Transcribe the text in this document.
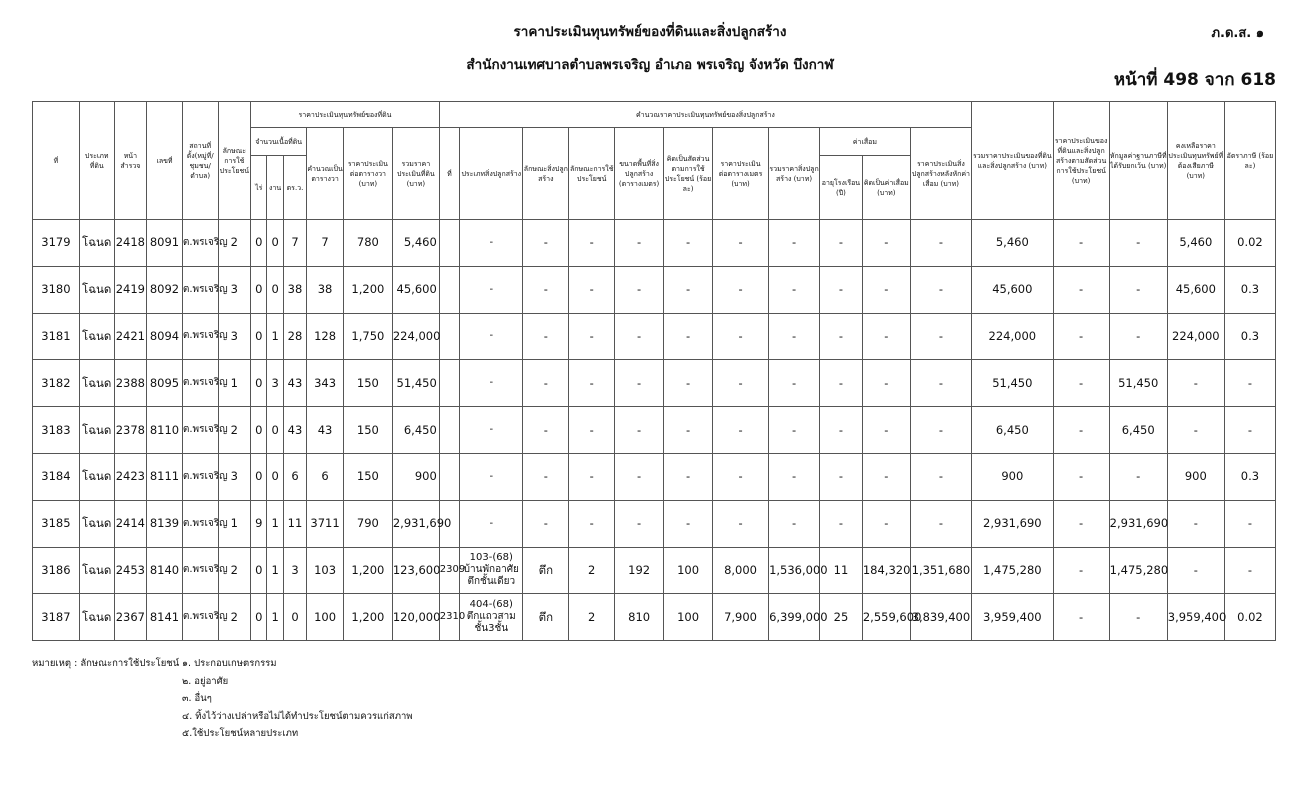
ราคาประเมินทุนทรัพย์ของที่ดินและสิ่งปลูกสร้าง
สำนักงานเทศบาลตำบลพรเจริญ อำเภอ พรเจริญ จังหวัด บึงกาฬ
ภ.ด.ส. ๑
หน้าที่ 498 จาก 618
ที่	ประเภทที่ดิน	หน้าสำรวจ	เลขที่	สถานที่ตั้ง(หมู่ที่/ชุมชน/ตำบล)	ลักษณะการใช้ประโยชน์	ราคาประเมินทุนทรัพย์ของที่ดิน						คำนวณราคาประเมินทุนทรัพย์ของสิ่งปลูกสร้าง											รวมราคาประเมินของที่ดินและสิ่งปลูกสร้าง (บาท)	ราคาประเมินของที่ดินและสิ่งปลูกสร้างตามสัดส่วนการใช้ประโยชน์ (บาท)	หักมูลค่าฐานภาษีที่ได้รับยกเว้น (บาท)	คงเหลือราคาประเมินทุนทรัพย์ที่ต้องเสียภาษี (บาท)	อัตราภาษี (ร้อยละ)
						จำนวนเนื้อที่ดิน			คำนวณเป็นตารางวา	ราคาประเมินต่อตารางวา (บาท)	รวมราคาประเมินที่ดิน (บาท)	ที่	ประเภทสิ่งปลูกสร้าง	ลักษณะสิ่งปลูกสร้าง	ลักษณะการใช้ประโยชน์	ขนาดพื้นที่สิ่งปลูกสร้าง (ตารางเมตร)	คิดเป็นสัดส่วนตามการใช้ประโยชน์ (ร้อยละ)	ราคาประเมินต่อตารางเมตร (บาท)	รวมราคาสิ่งปลูกสร้าง (บาท)	ค่าเสื่อม		ราคาประเมินสิ่งปลูกสร้างหลังหักค่าเสื่อม (บาท)					
						ไร่	งาน	ตร.ว.												อายุโรงเรือน (ปี)	คิดเป็นค่าเสื่อม (บาท)						
3179	โฉนด	2418	8091	ต.พรเจริญ	2	0	0	7	7	780	5,460		-	-	-	-	-	-	-	-	-	-	5,460	-	-	5,460	0.02
3180	โฉนด	2419	8092	ต.พรเจริญ	3	0	0	38	38	1,200	45,600		-	-	-	-	-	-	-	-	-	-	45,600	-	-	45,600	0.3
3181	โฉนด	2421	8094	ต.พรเจริญ	3	0	1	28	128	1,750	224,000		-	-	-	-	-	-	-	-	-	-	224,000	-	-	224,000	0.3
3182	โฉนด	2388	8095	ต.พรเจริญ	1	0	3	43	343	150	51,450		-	-	-	-	-	-	-	-	-	-	51,450	-	51,450	-	-
3183	โฉนด	2378	8110	ต.พรเจริญ	2	0	0	43	43	150	6,450		-	-	-	-	-	-	-	-	-	-	6,450	-	6,450	-	-
3184	โฉนด	2423	8111	ต.พรเจริญ	3	0	0	6	6	150	900		-	-	-	-	-	-	-	-	-	-	900	-	-	900	0.3
3185	โฉนด	2414	8139	ต.พรเจริญ	1	9	1	11	3711	790	2,931,690		-	-	-	-	-	-	-	-	-	-	2,931,690	-	2,931,690	-	-
3186	โฉนด	2453	8140	ต.พรเจริญ	2	0	1	3	103	1,200	123,600	2309	103-(68) บ้านพักอาศัยตึกชั้นเดียว	ตึก	2	192	100	8,000	1,536,000	11	184,320	1,351,680	1,475,280	-	1,475,280	-	-
3187	โฉนด	2367	8141	ต.พรเจริญ	2	0	1	0	100	1,200	120,000	2310	404-(68) ตึกแถวสามชั้น3ชั้น	ตึก	2	810	100	7,900	6,399,000	25	2,559,600	3,839,400	3,959,400	-	-	3,959,400	0.02
หมายเหตุ : ลักษณะการใช้ประโยชน์ ๑. ประกอบเกษตรกรรม
๒. อยู่อาศัย
๓. อื่นๆ
๔. ทิ้งไว้ว่างเปล่าหรือไม่ได้ทำประโยชน์ตามควรแก่สภาพ
๕.ใช้ประโยชน์หลายประเภท
